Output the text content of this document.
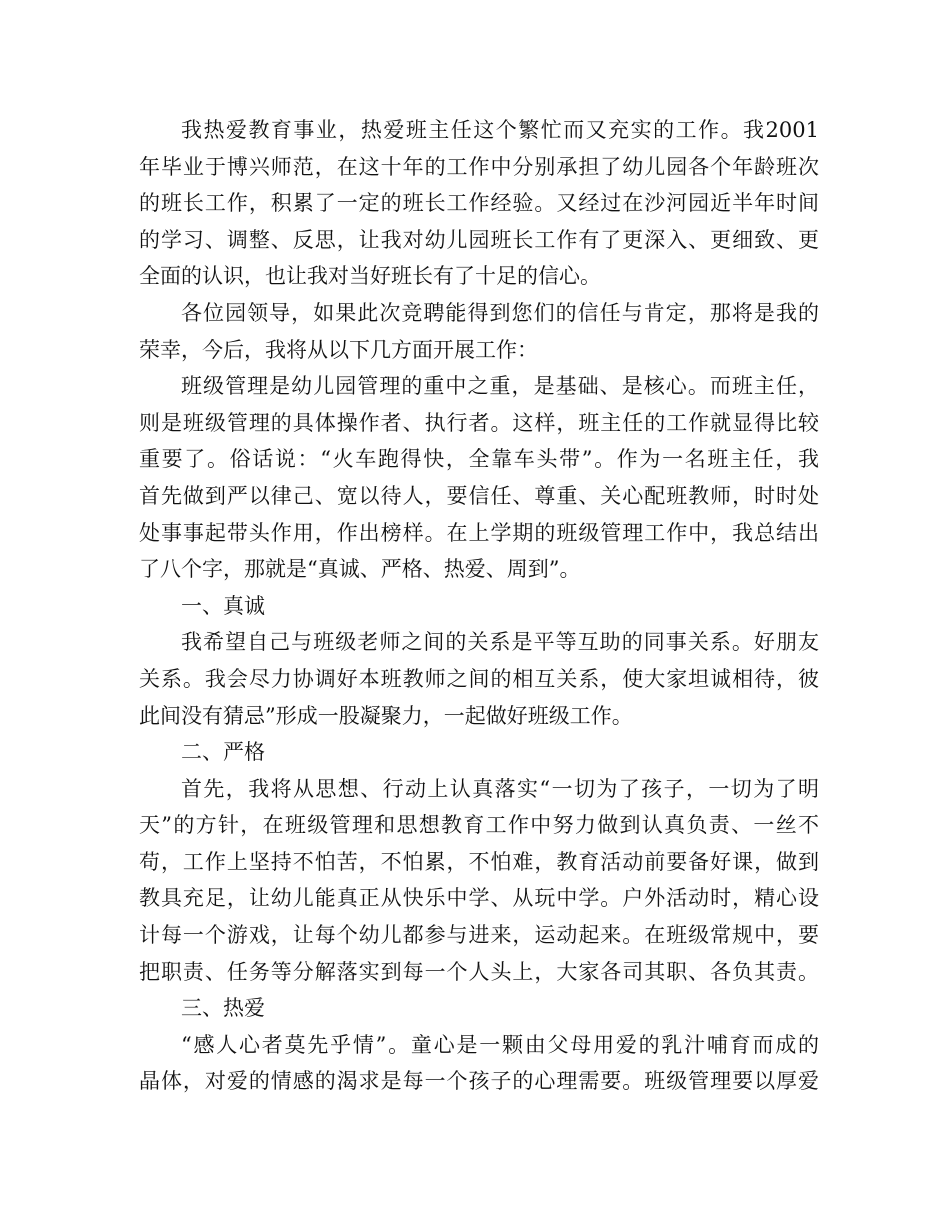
我热爱教育事业，热爱班主任这个繁忙而又充实的工作。我2001
年毕业于博兴师范，在这十年的工作中分别承担了幼儿园各个年龄班次
的班长工作，积累了一定的班长工作经验。又经过在沙河园近半年时间
的学习、调整、反思，让我对幼儿园班长工作有了更深入、更细致、更
全面的认识，也让我对当好班长有了十足的信心。
各位园领导，如果此次竞聘能得到您们的信任与肯定，那将是我的
荣幸，今后，我将从以下几方面开展工作：
班级管理是幼儿园管理的重中之重，是基础、是核心。而班主任，
则是班级管理的具体操作者、执行者。这样，班主任的工作就显得比较
重要了。俗话说：“火车跑得快，全靠车头带”。作为一名班主任，我
首先做到严以律己、宽以待人，要信任、尊重、关心配班教师，时时处
处事事起带头作用，作出榜样。在上学期的班级管理工作中，我总结出
了八个字，那就是“真诚、严格、热爱、周到”。
一、真诚
我希望自己与班级老师之间的关系是平等互助的同事关系。好朋友
关系。我会尽力协调好本班教师之间的相互关系，使大家坦诚相待，彼
此间没有猜忌”形成一股凝聚力，一起做好班级工作。
二、严格
首先，我将从思想、行动上认真落实“一切为了孩子，一切为了明
天”的方针，在班级管理和思想教育工作中努力做到认真负责、一丝不
苟，工作上坚持不怕苦，不怕累，不怕难，教育活动前要备好课，做到
教具充足，让幼儿能真正从快乐中学、从玩中学。户外活动时，精心设
计每一个游戏，让每个幼儿都参与进来，运动起来。在班级常规中，要
把职责、任务等分解落实到每一个人头上，大家各司其职、各负其责。
三、热爱
“感人心者莫先乎情”。童心是一颗由父母用爱的乳汁哺育而成的
晶体，对爱的情感的渴求是每一个孩子的心理需要。班级管理要以厚爱
